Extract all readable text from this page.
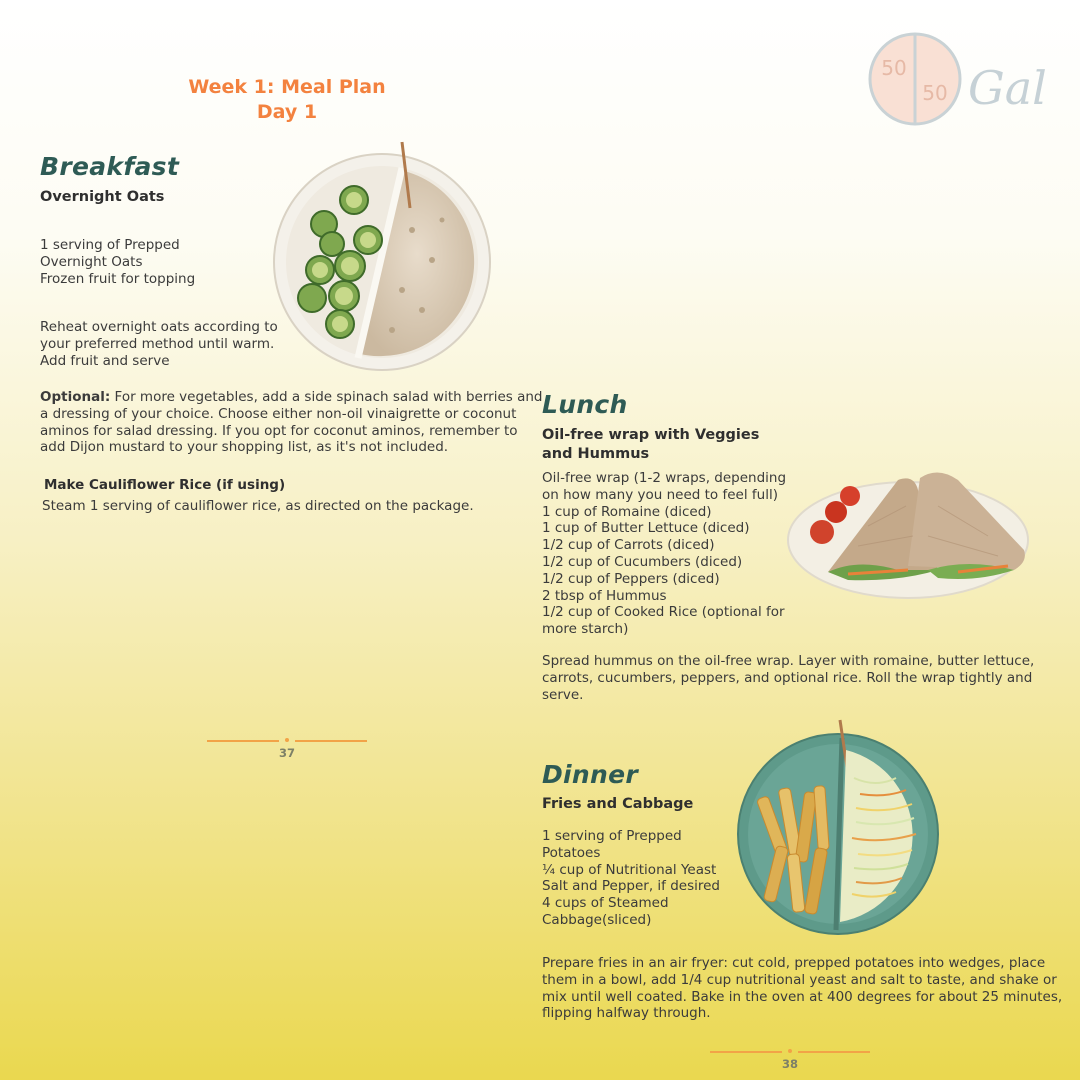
Week 1: Meal Plan
Day 1
50
50 Gal
Breakfast
Overnight Oats
1 serving of Prepped
Overnight Oats
Frozen fruit for topping
Reheat overnight oats according to
your preferred method until warm.
Add fruit and serve
Optional: For more vegetables, add a side spinach salad with berries and
a dressing of your choice. Choose either non-oil vinaigrette or coconut
aminos for salad dressing. If you opt for coconut aminos, remember to
add Dijon mustard to your shopping list, as it's not included.
Make Cauliflower Rice (if using)
Steam 1 serving of cauliflower rice, as directed on the package.
37
Lunch
Oil-free wrap with Veggies
and Hummus
Oil-free wrap (1-2 wraps, depending
on how many you need to feel full)
1 cup of Romaine (diced)
1 cup of Butter Lettuce (diced)
1/2 cup of Carrots (diced)
1/2 cup of Cucumbers (diced)
1/2 cup of Peppers (diced)
2 tbsp of Hummus
1/2 cup of Cooked Rice (optional for
more starch)
Spread hummus on the oil-free wrap. Layer with romaine, butter lettuce,
carrots, cucumbers, peppers, and optional rice. Roll the wrap tightly and
serve.
Dinner
Fries and Cabbage
1 serving of Prepped
Potatoes
¼ cup of Nutritional Yeast
Salt and Pepper, if desired
4 cups of Steamed
Cabbage(sliced)
Prepare fries in an air fryer: cut cold, prepped potatoes into wedges, place
them in a bowl, add 1/4 cup nutritional yeast and salt to taste, and shake or
mix until well coated. Bake in the oven at 400 degrees for about 25 minutes,
flipping halfway through.
38
